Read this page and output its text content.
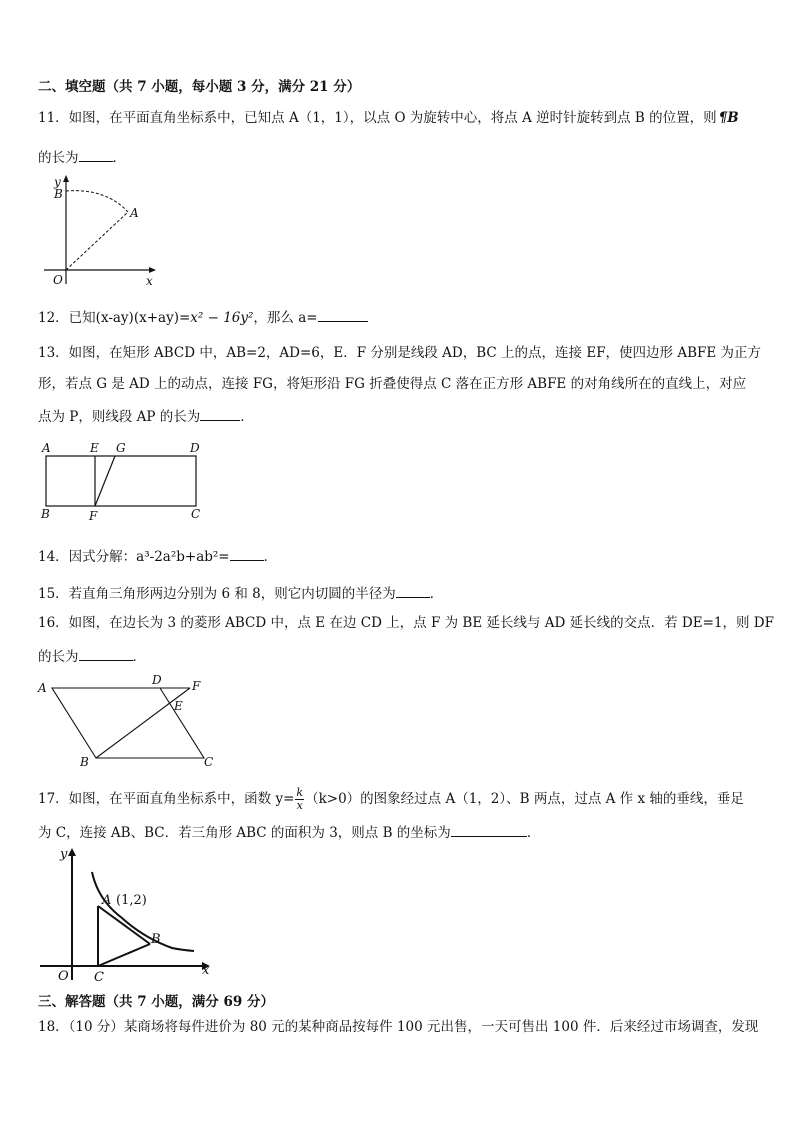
二、填空题（共 7 小题，每小题 3 分，满分 21 分）
11．如图，在平面直角坐标系中，已知点 A（1，1），以点 O 为旋转中心，将点 A 逆时针旋转到点 B 的位置，则 ¶B
的长为	．
y
B
A
O	x
12．已知(x-ay)(x+ay)=x² − 16y²，那么 a=
13．如图，在矩形 ABCD 中，AB=2，AD=6，E．F 分别是线段 AD，BC 上的点，连接 EF，使四边形 ABFE 为正方
形，若点 G 是 AD 上的动点，连接 FG，将矩形沿 FG 折叠使得点 C 落在正方形 ABFE 的对角线所在的直线上，对应
点为 P，则线段 AP 的长为	．
A	E G	D
B	F	C
14．因式分解：a³-2a²b+ab²=	．
15．若直角三角形两边分别为 6 和 8，则它内切圆的半径为	．
16．如图，在边长为 3 的菱形 ABCD 中，点 E 在边 CD 上，点 F 为 BE 延长线与 AD 延长线的交点．若 DE=1，则 DF
的长为	．
A
D	F
E
B	C
17．如图，在平面直角坐标系中，函数 $y= \frac{k}{x} (k>0)$的图象经过点 A（1，2）、B 两点，过点 A 作 x 轴的垂线，垂足
为 C，连接 AB、BC．若三角形 ABC 的面积为 3，则点 B 的坐标为	．
y
A (1,2)
B
O C	x
三、解答题（共 7 小题，满分 69 分）
18．（10 分）某商场将每件进价为 80 元的某种商品按每件 100 元出售，一天可售出 100 件．后来经过市场调查，发现
